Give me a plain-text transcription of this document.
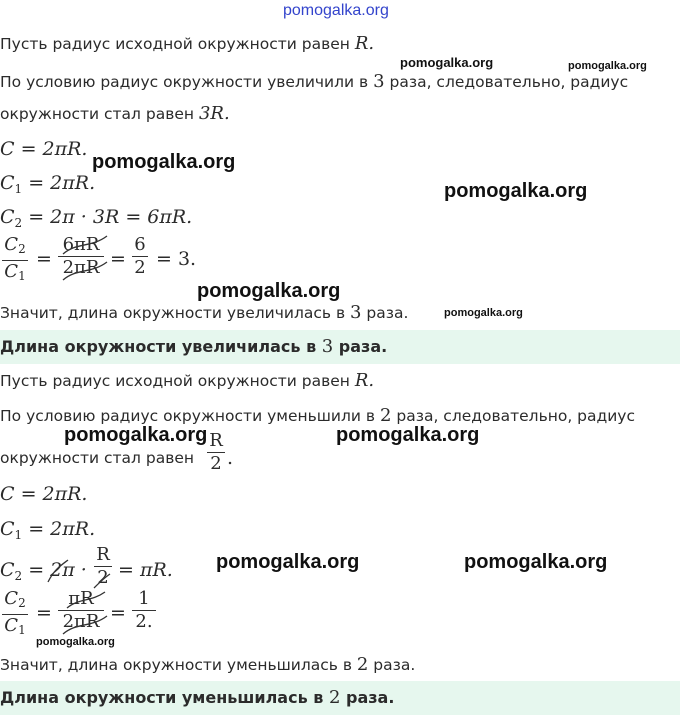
pomogalka.org
pomogalka.org	pomogalka.org
pomogalka.org
pomogalka.org
pomogalka.org
pomogalka.org
pomogalka.org	pomogalka.org
pomogalka.org	pomogalka.org
pomogalka.org
Пусть радиус исходной окружности равен R.
По условию радиус окружности увеличили в 3 раза, следовательно, радиус
окружности стал равен 3R.
C = 2πR.
$C_1 = 2\pi R$.
$C_2 = 2\pi \cdot 3R = 6\pi R$.
$C_2$
$C_1$
=
6πR
2πR =
6
2 = 3.
Значит, длина окружности увеличилась в 3 раза.
Длина окружности увеличилась в 3 раза.
Пусть радиус исходной окружности равен R.
По условию радиус окружности уменьшили в 2 раза, следовательно, радиус
окружности стал равен
R
2 .
C = 2πR.
$C_1 = 2\pi R$.
$C_2 = 2\pi$ ·
R
2 = πR.
$C_2$
$C_1$
=
πR
2πR =
1
2.
Значит, длина окружности уменьшилась в 2 раза.
Длина окружности уменьшилась в 2 раза.
